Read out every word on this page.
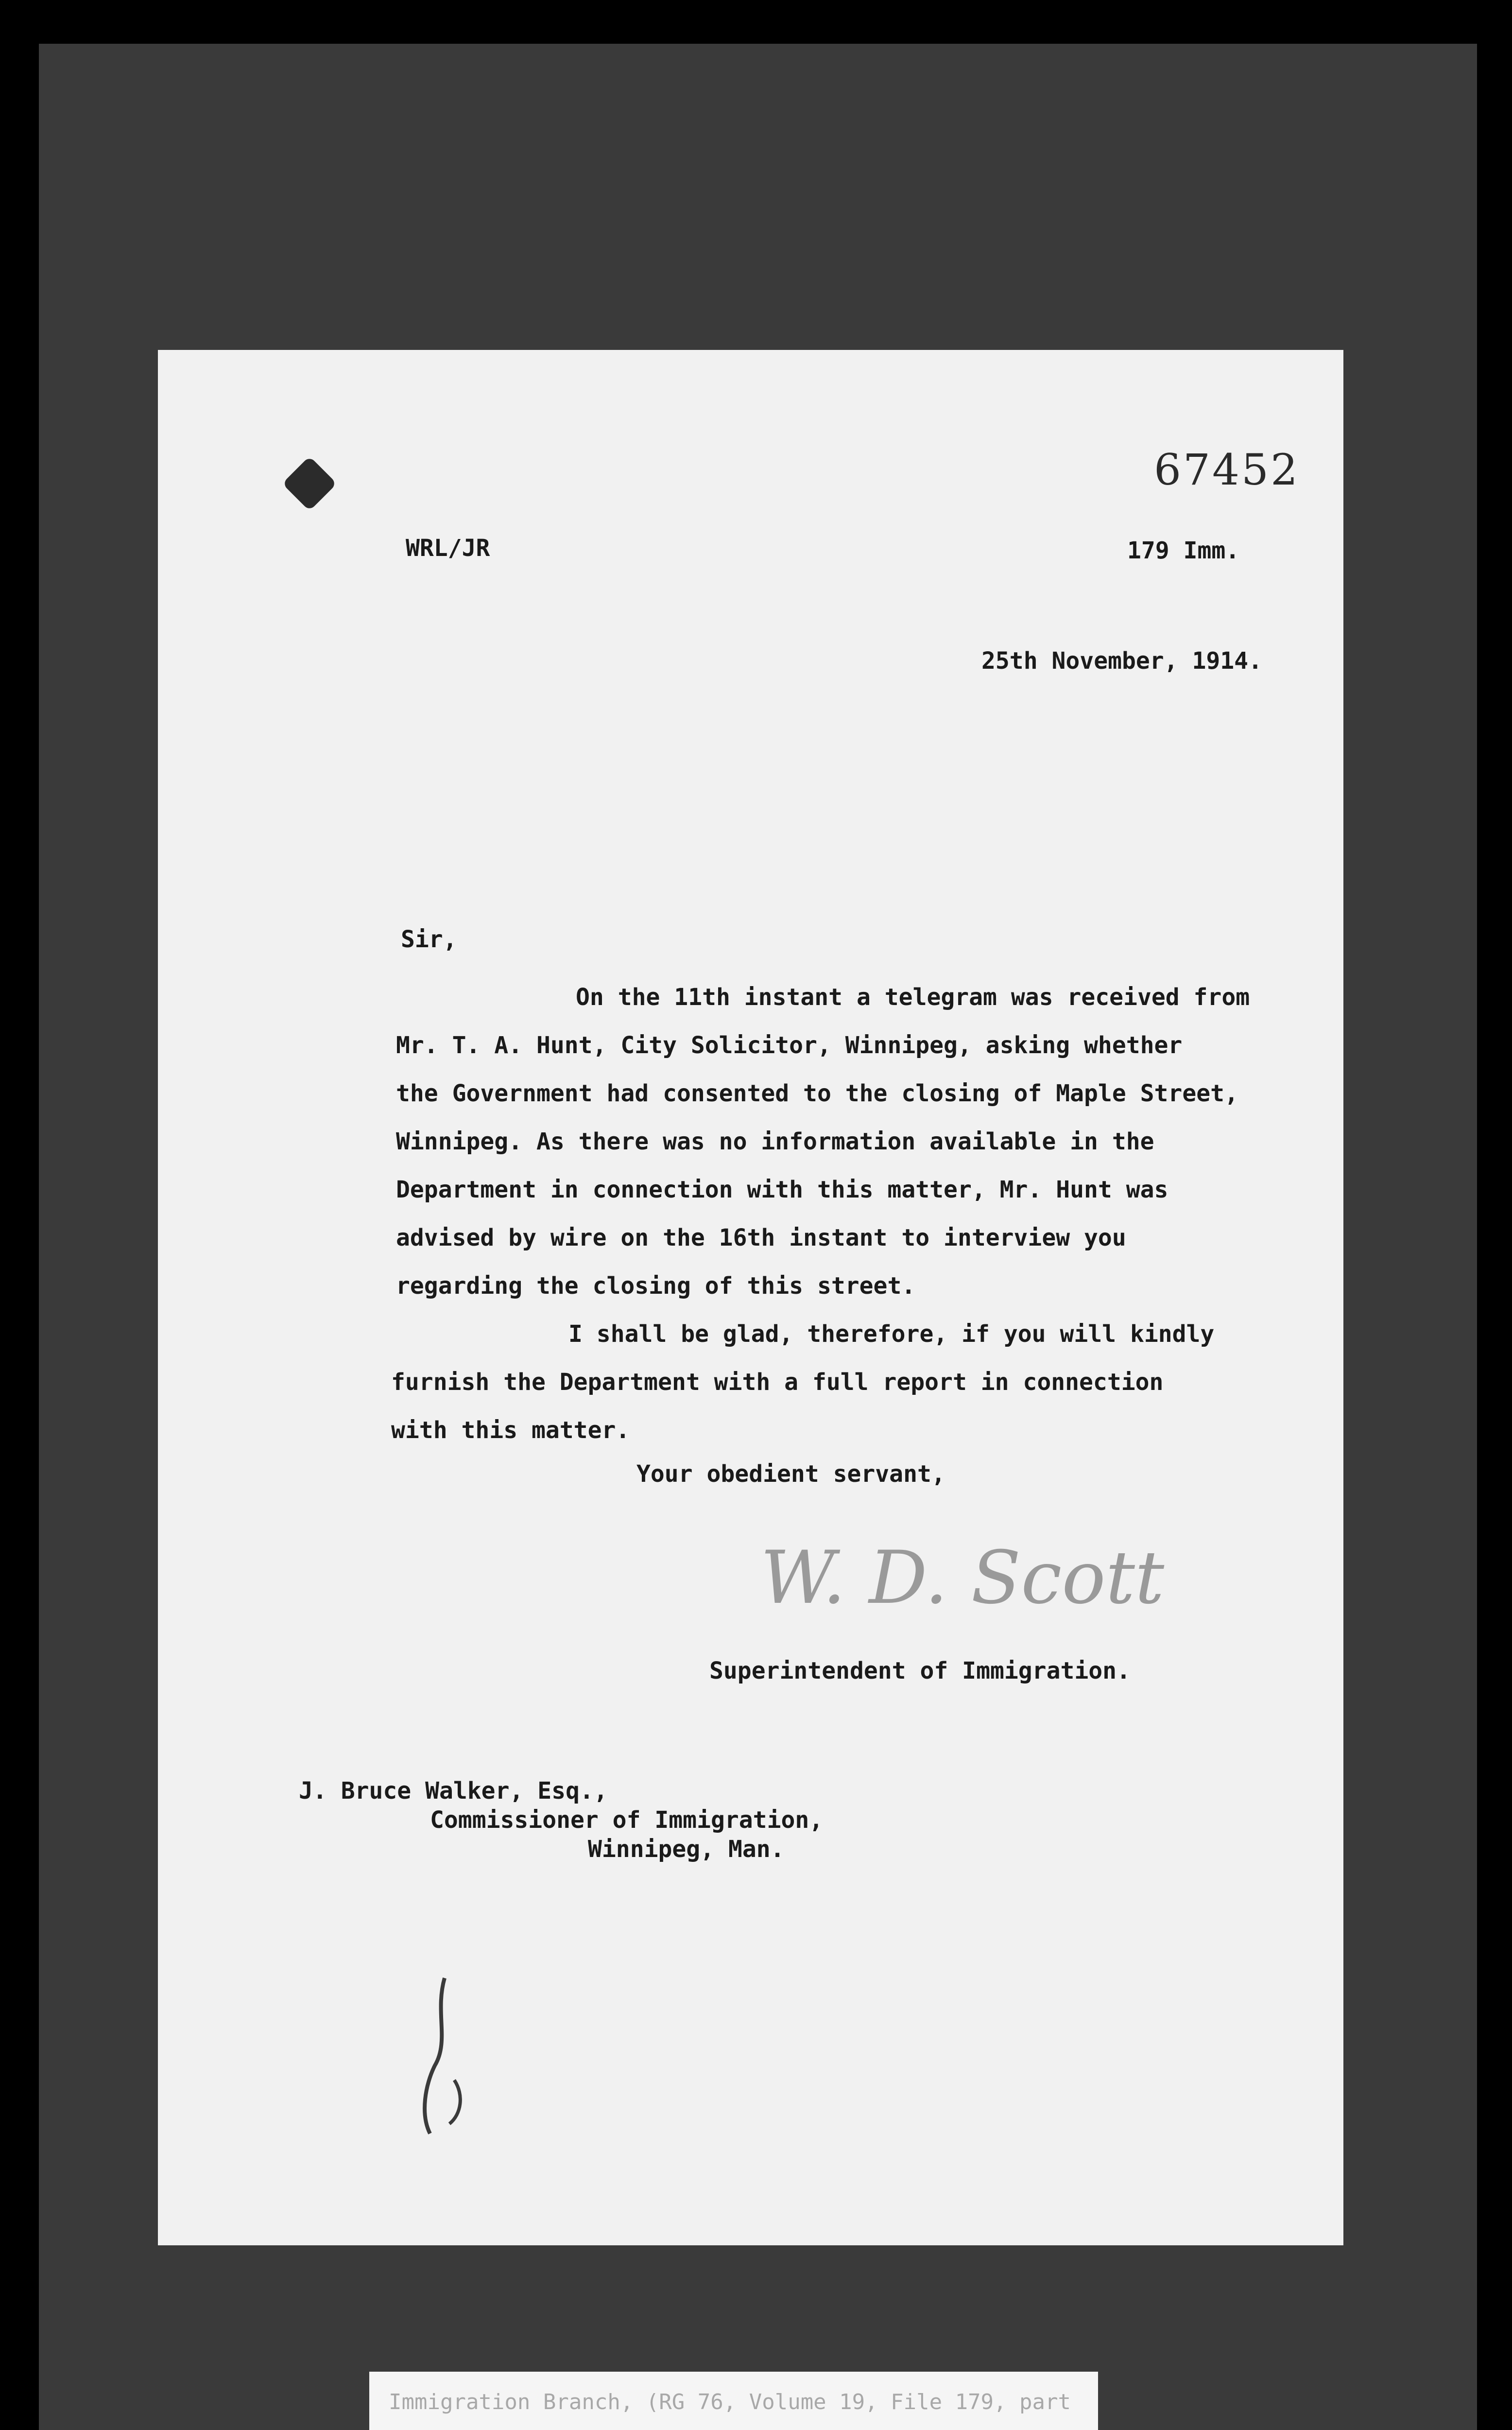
67452
WRL/JR	179 Imm.
25th November, 1914.
Sir,
On the 11th instant a telegram was received from
Mr. T. A. Hunt, City Solicitor, Winnipeg, asking whether
the Government had consented to the closing of Maple Street,
Winnipeg. As there was no information available in the
Department in connection with this matter, Mr. Hunt was
advised by wire on the 16th instant to interview you
regarding the closing of this street.
I shall be glad, therefore, if you will kindly
furnish the Department with a full report in connection
with this matter.
Your obedient servant,
W. D. Scott
Superintendent of Immigration.
J. Bruce Walker, Esq.,
Commissioner of Immigration,
Winnipeg, Man.
Immigration Branch, (RG 76, Volume 19, File 179, part
